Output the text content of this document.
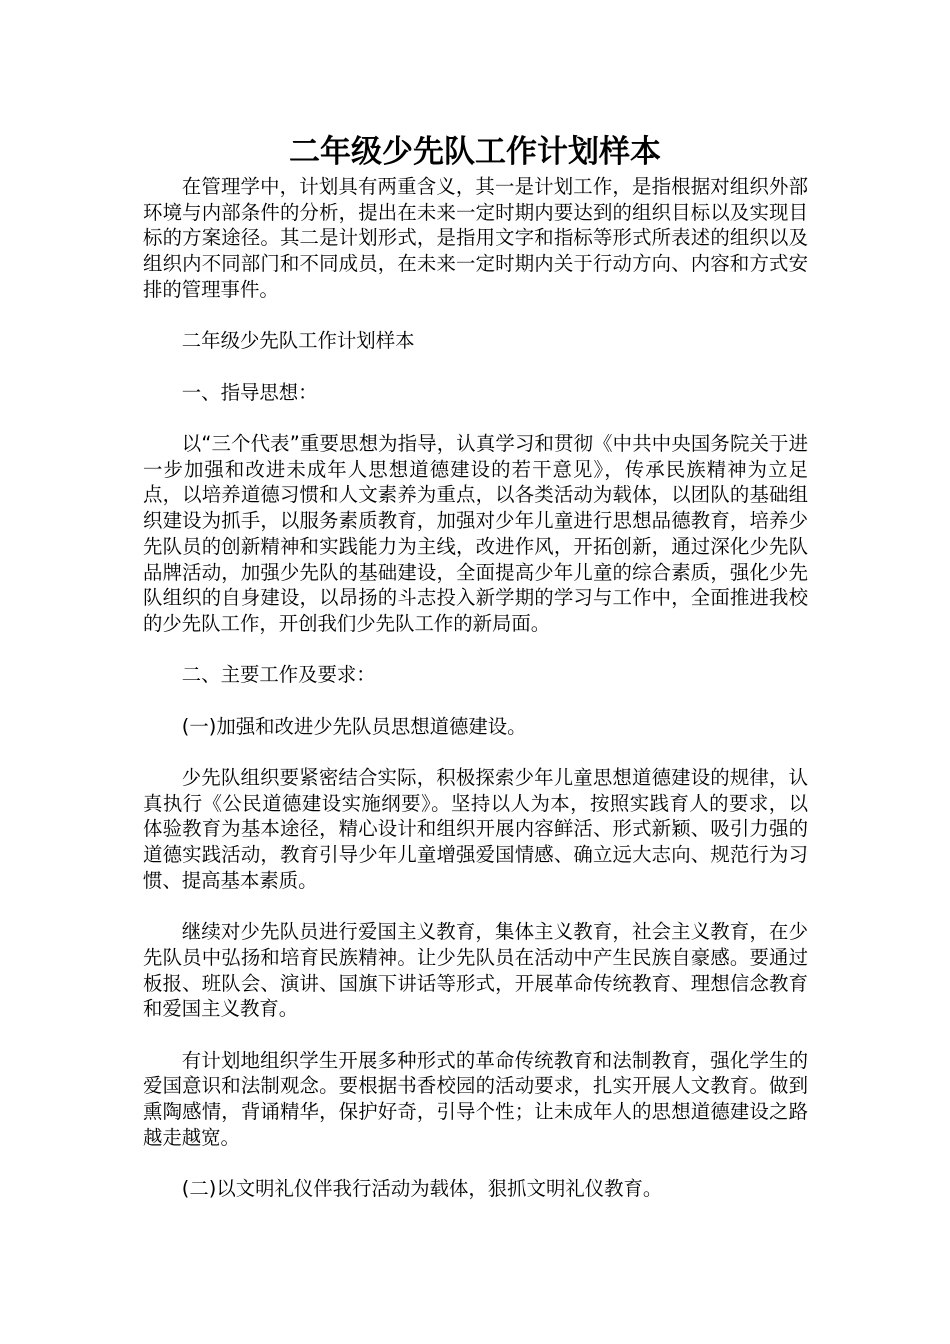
二年级少先队工作计划样本

在管理学中，计划具有两重含义，其一是计划工作，是指根据对组织外部环境与内部条件的分析，提出在未来一定时期内要达到的组织目标以及实现目标的方案途径。其二是计划形式，是指用文字和指标等形式所表述的组织以及组织内不同部门和不同成员，在未来一定时期内关于行动方向、内容和方式安排的管理事件。

二年级少先队工作计划样本

一、指导思想：

以“三个代表”重要思想为指导，认真学习和贯彻《中共中央国务院关于进一步加强和改进未成年人思想道德建设的若干意见》，传承民族精神为立足点，以培养道德习惯和人文素养为重点，以各类活动为载体，以团队的基础组织建设为抓手，以服务素质教育，加强对少年儿童进行思想品德教育，培养少先队员的创新精神和实践能力为主线，改进作风，开拓创新，通过深化少先队品牌活动，加强少先队的基础建设，全面提高少年儿童的综合素质，强化少先队组织的自身建设，以昂扬的斗志投入新学期的学习与工作中，全面推进我校的少先队工作，开创我们少先队工作的新局面。

二、主要工作及要求：

(一)加强和改进少先队员思想道德建设。

少先队组织要紧密结合实际，积极探索少年儿童思想道德建设的规律，认真执行《公民道德建设实施纲要》。坚持以人为本，按照实践育人的要求，以体验教育为基本途径，精心设计和组织开展内容鲜活、形式新颖、吸引力强的道德实践活动，教育引导少年儿童增强爱国情感、确立远大志向、规范行为习惯、提高基本素质。

继续对少先队员进行爱国主义教育，集体主义教育，社会主义教育，在少先队员中弘扬和培育民族精神。让少先队员在活动中产生民族自豪感。要通过板报、班队会、演讲、国旗下讲话等形式，开展革命传统教育、理想信念教育和爱国主义教育。

有计划地组织学生开展多种形式的革命传统教育和法制教育，强化学生的爱国意识和法制观念。要根据书香校园的活动要求，扎实开展人文教育。做到熏陶感情，背诵精华，保护好奇，引导个性；让未成年人的思想道德建设之路越走越宽。

(二)以文明礼仪伴我行活动为载体，狠抓文明礼仪教育。
